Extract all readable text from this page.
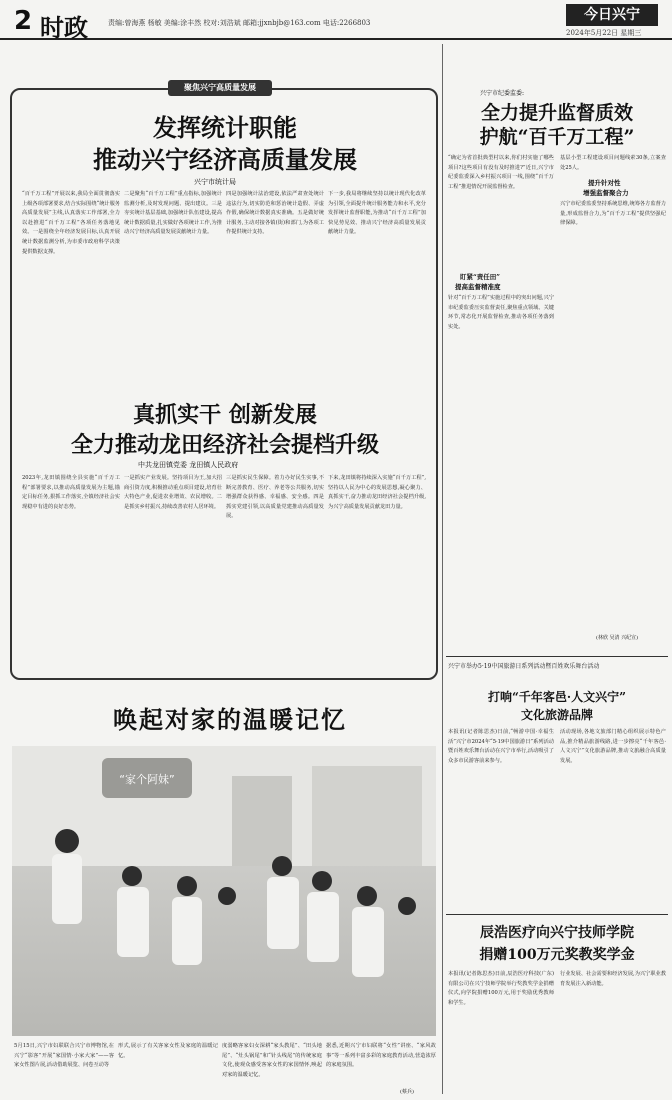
2 时政	责编:曾海燕 杨敏 美编:涂丰然 校对:刘浩斌 邮箱:jjxnbjb@163.com 电话:2266803	今日兴宁
2024年5月22日 星期三
聚焦兴宁高质量发展
发挥统计职能
推动兴宁经济高质量发展
兴宁市统计局
“百千万工程”开展以来,我局全面贯彻落实上级各项部署要求,结合实际围绕“统计服务高质量发展”主线,认真落实工作部署,全力以赴推进“百千万工程”各项任务落地见效。一是围绕全年经济发展目标,认真开展统计数据监测分析,为市委市政府科学决策提供数据支撑。
二是聚焦“百千万工程”重点指标,加强统计监测分析,及时发现问题、提出建议。三是夯实统计基层基础,加强统计队伍建设,提高统计数据质量,扎实做好各项统计工作,为推动兴宁经济高质量发展贡献统计力量。
四是加强统计法治建设,依法严肃查处统计违法行为,切实防范和惩治统计造假、弄虚作假,确保统计数据真实准确。五是做好统计服务,主动对接各镇(街)和部门,为各项工作提供统计支持。
下一步,我局将继续坚持以统计现代化改革为引领,全面提升统计服务能力和水平,充分发挥统计监督职能,为推动“百千万工程”加快见势见效、推动兴宁经济高质量发展贡献统计力量。
真抓实干 创新发展
全力推动龙田经济社会提档升级
中共龙田镇党委 龙田镇人民政府
2023年,龙田镇围绕全县实施“百千万工程”部署要求,以推动高质量发展为主题,锚定目标任务,狠抓工作落实,全镇经济社会实现稳中有进的良好态势。
一是抓实产业发展。坚持项目为王,加大招商引资力度,积极推动重点项目建设,培育壮大特色产业,促进农业增效、农民增收。二是抓实乡村振兴,持续改善农村人居环境。
三是抓实民生保障。着力办好民生实事,不断完善教育、医疗、养老等公共服务,切实增强群众获得感、幸福感、安全感。四是抓实党建引领,以高质量党建推动高质量发展。
下来,龙田镇将持续深入实施“百千万工程”,坚持以人民为中心的发展思想,凝心聚力、真抓实干,奋力推动龙田经济社会提档升级,为兴宁高质量发展贡献龙田力量。
唤起对家的温暖记忆
“家个阿妹”
5月15日,兴宁市妇联联合兴宁市博物馆,在兴宁“影客”开展“家国情·小家大家”——客家女性图片展,活动借助展览、问卷互动等
形式,展示了有关客家女性及家庭的温暖记忆。
度弱略客家妇女深耕“家头教尾”、“田头地尾”、“灶头锅尾”和“针头线尾”的传统家庭文化,使观众感受客家女性的家国情怀,唤起对家的温暖记忆。
据悉,近期兴宁市妇联将“女性”讲座、“家风故事”等一系列丰富多彩的家庭教育活动,营造浓厚的家庭氛围。
(蔡兵)
兴宁市纪委监委:
全力提升监督质效
护航“百千万工程”
“确定为省首批典型村以来,你们村实施了哪些项目?这些项目有没有及时推进?”近日,兴宁市纪委监委深入乡村振兴项目一线,围绕“百千万工程”推进情况开展监督检查。
盯紧“责任田”
提高监督精准度
针对“百千万工程”实施过程中的突出问题,兴宁市纪委监委压实监督责任,聚焦重点领域、关键环节,常态化开展监督检查,推动各项任务落到实处。
基层小型工程建设项目问题线索30条,立案查处25人。
提升针对性
增强监督聚合力
兴宁市纪委监委坚持系统思维,统筹各方监督力量,形成监督合力,为“百千万工程”提供坚强纪律保障。
(林欣 吴清 兴纪宣)
兴宁市举办5·19中国旅游日系列活动暨百姓欢乐舞台活动
打响“千年客邑·人文兴宁”
文化旅游品牌
本报讯(记者陈思杰)日前,“畅游中国·幸福生活”兴宁市2024年“5·19中国旅游日”系列活动暨百姓欢乐舞台活动在兴宁市举行,活动吸引了众多市民游客前来参与。
活动现场,各地文旅部门精心组织展示特色产品,推介精品旅游线路,进一步擦亮“千年客邑·人文兴宁”文化旅游品牌,推动文旅融合高质量发展。
辰浩医疗向兴宁技师学院
捐赠100万元奖教奖学金
本报讯(记者陈思杰)日前,辰浩医疗科技(广东)有限公司在兴宁技师学院举行奖教奖学金捐赠仪式,向学院捐赠100万元,用于奖励优秀教师和学生。
行业发展、社会需要和经济发展,为兴宁职业教育发展注入新动能。
